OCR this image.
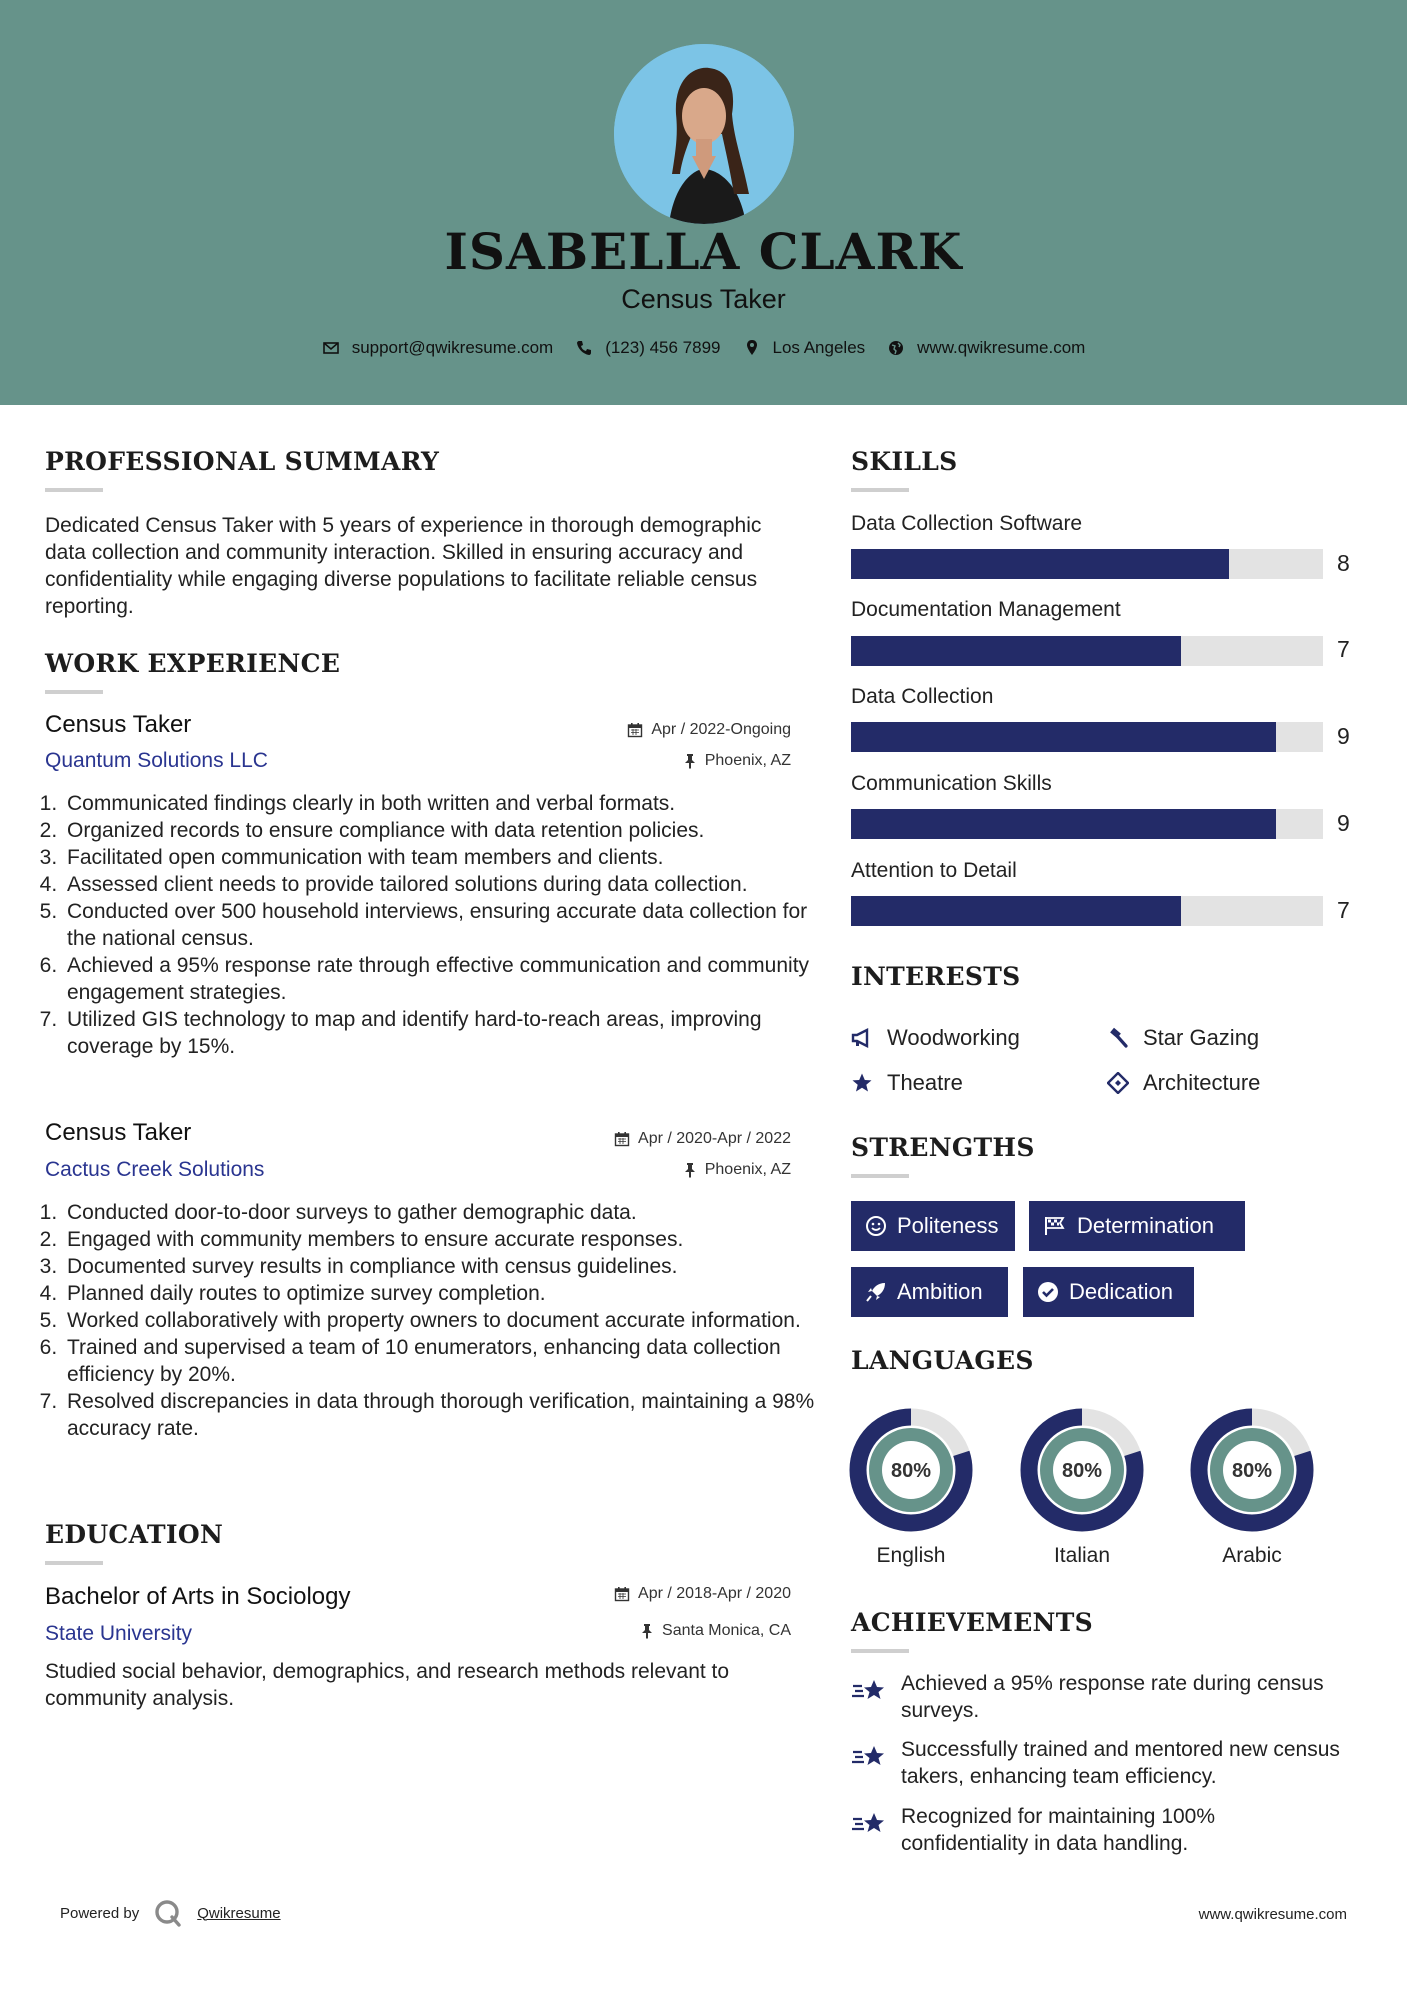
ISABELLA CLARK
Census Taker
support@qwikresume.com	(123) 456 7899	Los Angeles	www.qwikresume.com
PROFESSIONAL SUMMARY
Dedicated Census Taker with 5 years of experience in thorough demographic data collection and community interaction. Skilled in ensuring accuracy and confidentiality while engaging diverse populations to facilitate reliable census reporting.
WORK EXPERIENCE
Census Taker	Apr / 2022-Ongoing
Quantum Solutions LLC	Phoenix, AZ
1. Communicated findings clearly in both written and verbal formats.
2. Organized records to ensure compliance with data retention policies.
3. Facilitated open communication with team members and clients.
4. Assessed client needs to provide tailored solutions during data collection.
5. Conducted over 500 household interviews, ensuring accurate data collection for the national census.
6. Achieved a 95% response rate through effective communication and community engagement strategies.
7. Utilized GIS technology to map and identify hard-to-reach areas, improving coverage by 15%.
Census Taker	Apr / 2020-Apr / 2022
Cactus Creek Solutions	Phoenix, AZ
1. Conducted door-to-door surveys to gather demographic data.
2. Engaged with community members to ensure accurate responses.
3. Documented survey results in compliance with census guidelines.
4. Planned daily routes to optimize survey completion.
5. Worked collaboratively with property owners to document accurate information.
6. Trained and supervised a team of 10 enumerators, enhancing data collection efficiency by 20%.
7. Resolved discrepancies in data through thorough verification, maintaining a 98% accuracy rate.
EDUCATION
Bachelor of Arts in Sociology	Apr / 2018-Apr / 2020
State University	Santa Monica, CA
Studied social behavior, demographics, and research methods relevant to community analysis.
SKILLS
Data Collection Software
8
Documentation Management
7
Data Collection
9
Communication Skills
9
Attention to Detail
7
INTERESTS
Woodworking	Star Gazing
Theatre	Architecture
STRENGTHS
Politeness	Determination
Ambition	Dedication
LANGUAGES
80%
English
80%
Italian
80%
Arabic
ACHIEVEMENTS
Achieved a 95% response rate during census surveys.
Successfully trained and mentored new census takers, enhancing team efficiency.
Recognized for maintaining 100% confidentiality in data handling.
Powered by	Qwikresume	www.qwikresume.com
